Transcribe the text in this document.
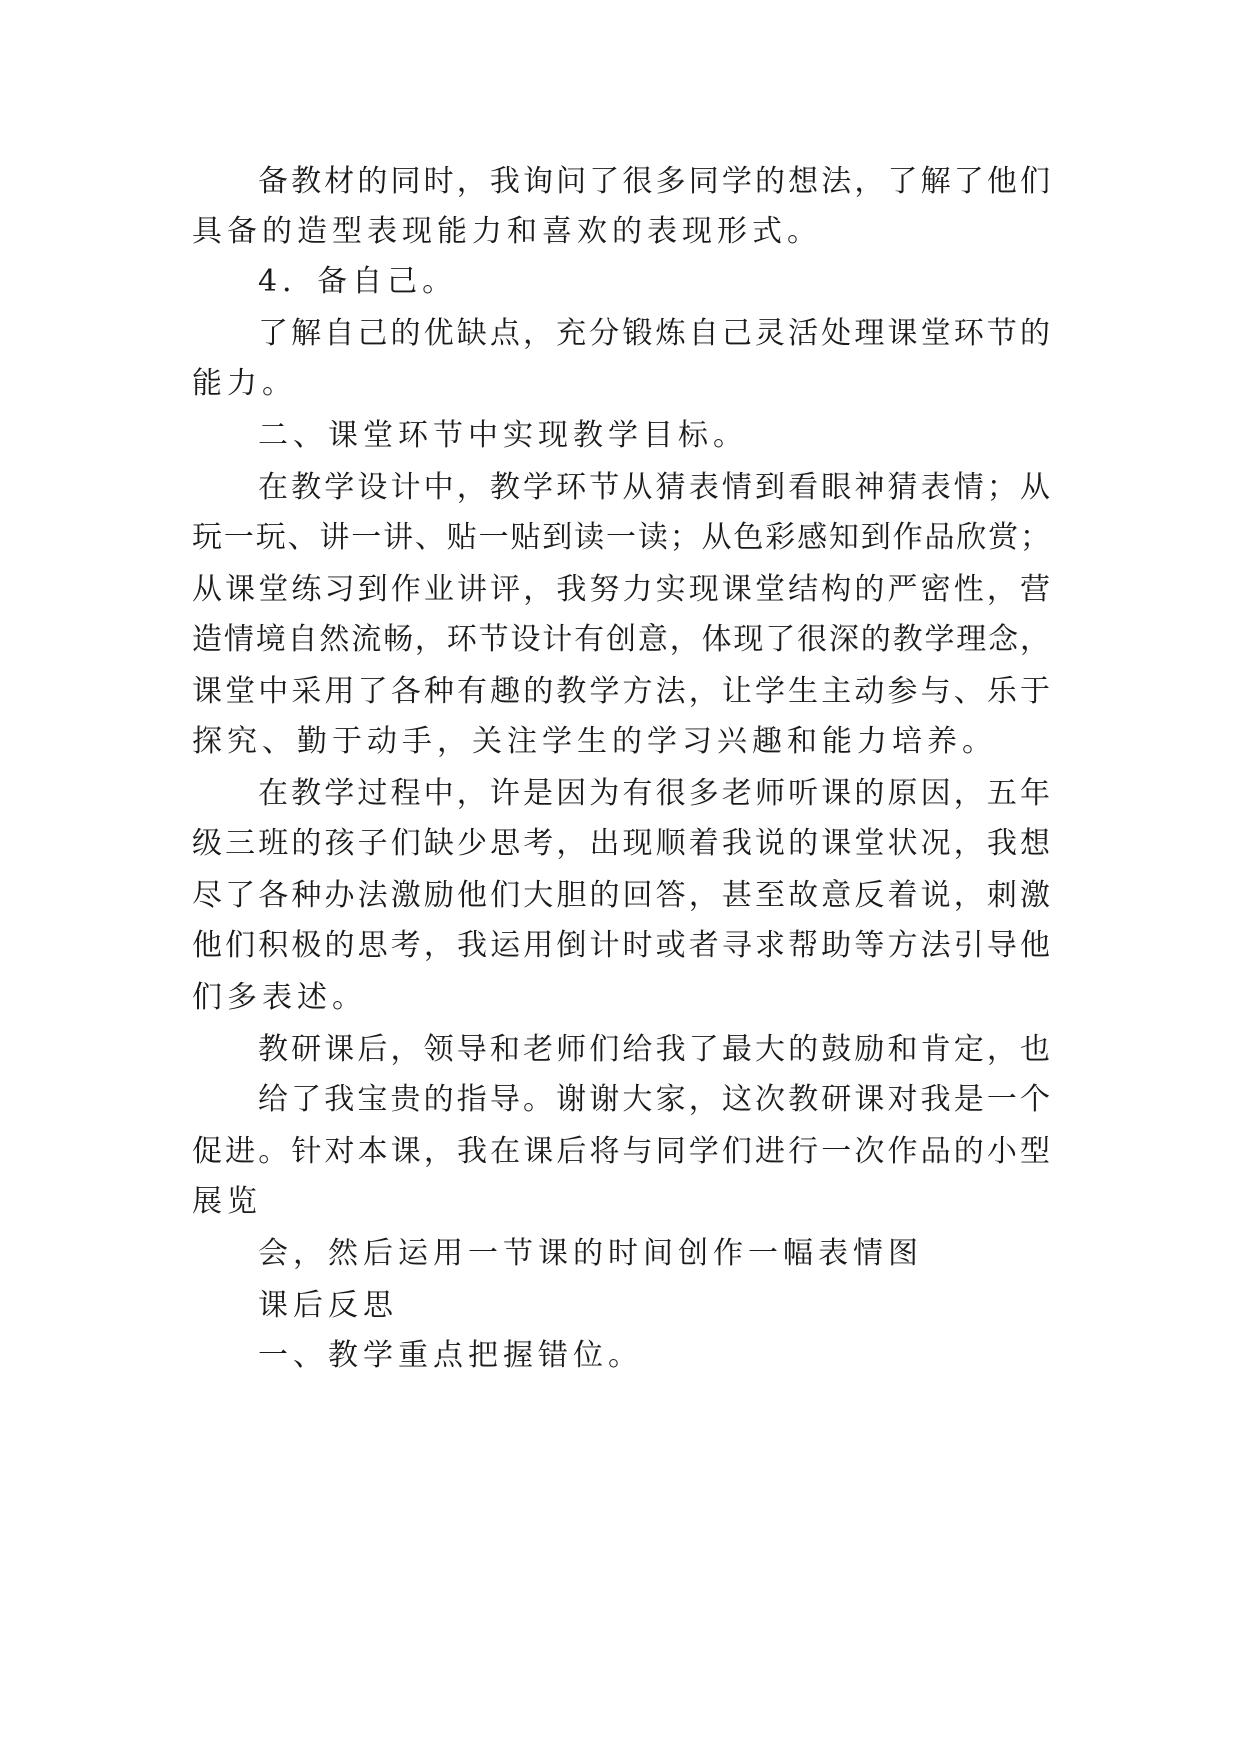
备教材的同时，我询问了很多同学的想法，了解了他们
具备的造型表现能力和喜欢的表现形式。
4．备自己。
了解自己的优缺点，充分锻炼自己灵活处理课堂环节的
能力。
二、课堂环节中实现教学目标。
在教学设计中，教学环节从猜表情到看眼神猜表情；从
玩一玩、讲一讲、贴一贴到读一读；从色彩感知到作品欣赏；
从课堂练习到作业讲评，我努力实现课堂结构的严密性，营
造情境自然流畅，环节设计有创意，体现了很深的教学理念，
课堂中采用了各种有趣的教学方法，让学生主动参与、乐于
探究、勤于动手，关注学生的学习兴趣和能力培养。
在教学过程中，许是因为有很多老师听课的原因，五年
级三班的孩子们缺少思考，出现顺着我说的课堂状况，我想
尽了各种办法激励他们大胆的回答，甚至故意反着说，刺激
他们积极的思考，我运用倒计时或者寻求帮助等方法引导他
们多表述。
教研课后，领导和老师们给我了最大的鼓励和肯定，也
给了我宝贵的指导。谢谢大家，这次教研课对我是一个
促进。针对本课，我在课后将与同学们进行一次作品的小型
展览
会，然后运用一节课的时间创作一幅表情图
课后反思
一、教学重点把握错位。
